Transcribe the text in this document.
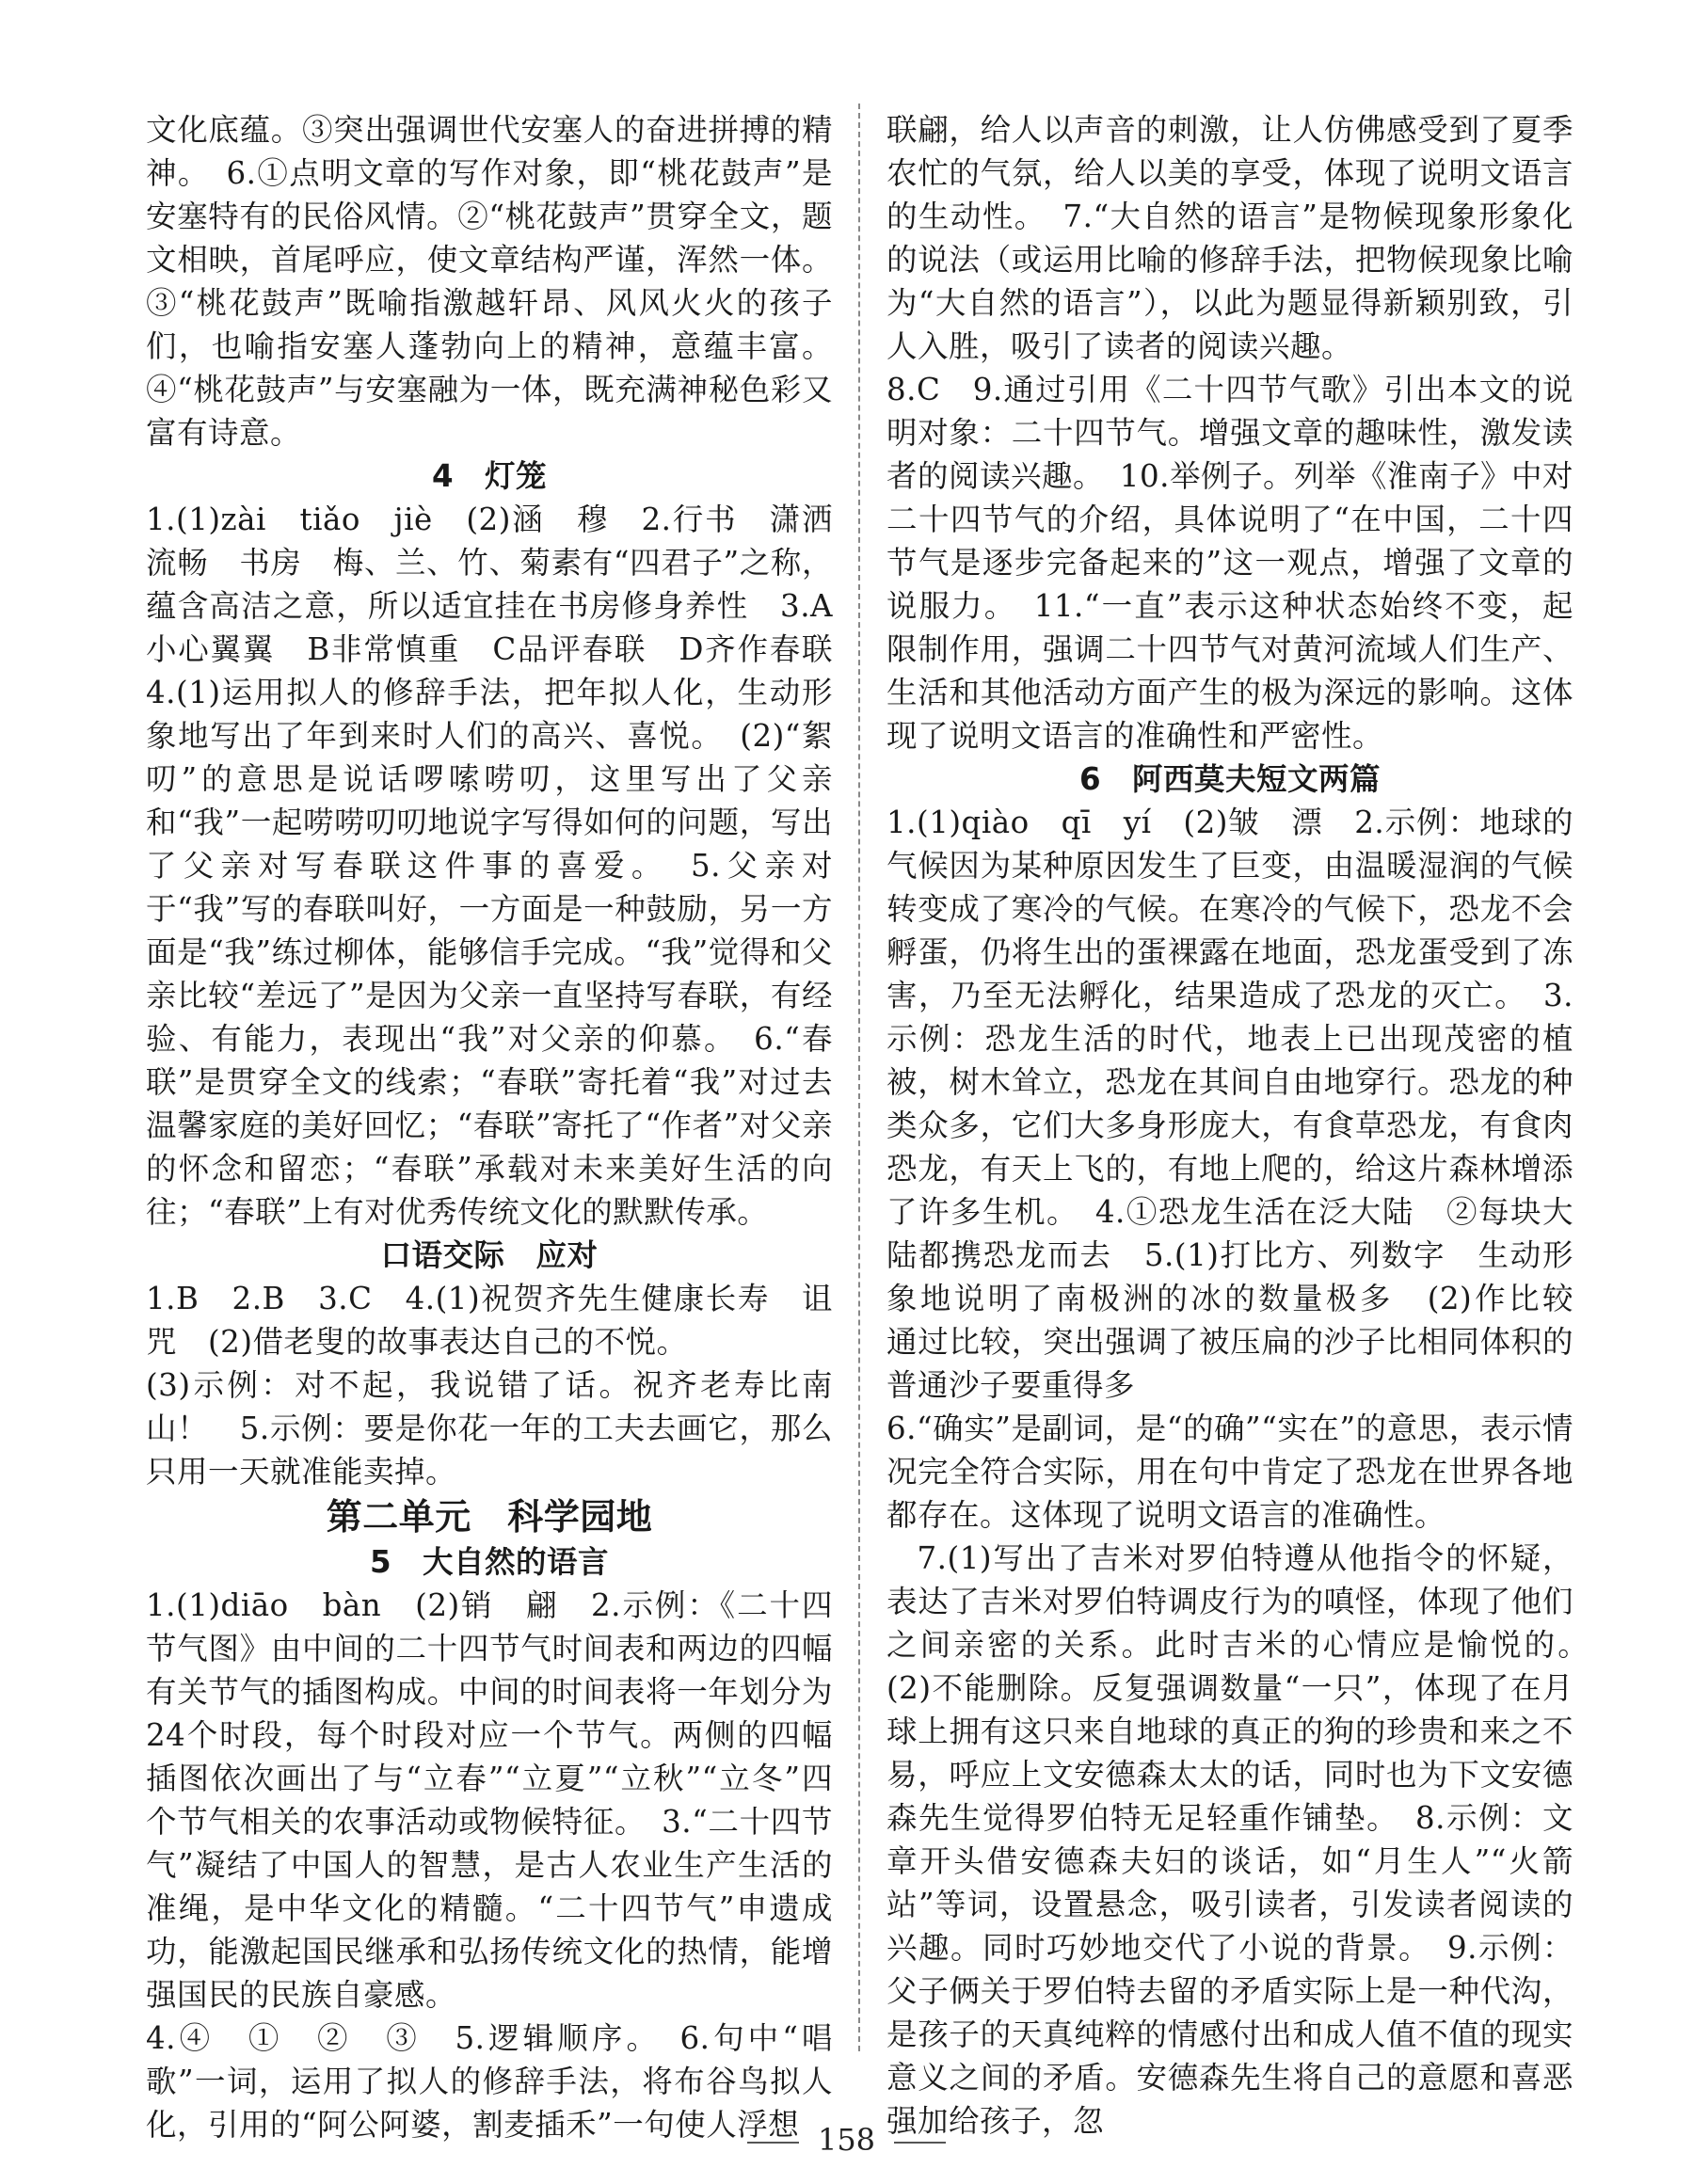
文化底蕴。③突出强调世代安塞人的奋进拼搏的精神。　6.①点明文章的写作对象，即“桃花鼓声”是安塞特有的民俗风情。②“桃花鼓声”贯穿全文，题文相映，首尾呼应，使文章结构严谨，浑然一体。③“桃花鼓声”既喻指激越轩昂、风风火火的孩子们，也喻指安塞人蓬勃向上的精神，意蕴丰富。④“桃花鼓声”与安塞融为一体，既充满神秘色彩又富有诗意。

4　灯笼

1.(1)zài　tiǎo　jiè　(2)涵　穆　2.行书　潇洒流畅　书房　梅、兰、竹、菊素有“四君子”之称，蕴含高洁之意，所以适宜挂在书房修身养性　3.A小心翼翼　B非常慎重　C品评春联　D齐作春联　4.(1)运用拟人的修辞手法，把年拟人化，生动形象地写出了年到来时人们的高兴、喜悦。　(2)“絮叨”的意思是说话啰嗦唠叨，这里写出了父亲和“我”一起唠唠叨叨地说字写得如何的问题，写出了父亲对写春联这件事的喜爱。　5.父亲对于“我”写的春联叫好，一方面是一种鼓励，另一方面是“我”练过柳体，能够信手完成。“我”觉得和父亲比较“差远了”是因为父亲一直坚持写春联，有经验、有能力，表现出“我”对父亲的仰慕。　6.“春联”是贯穿全文的线索；“春联”寄托着“我”对过去温馨家庭的美好回忆；“春联”寄托了“作者”对父亲的怀念和留恋；“春联”承载对未来美好生活的向往；“春联”上有对优秀传统文化的默默传承。

口语交际　应对

1.B　2.B　3.C　4.(1)祝贺齐先生健康长寿　诅咒　(2)借老叟的故事表达自己的不悦。

(3)示例：对不起，我说错了话。祝齐老寿比南山！　5.示例：要是你花一年的工夫去画它，那么只用一天就准能卖掉。

第二单元　科学园地
5　大自然的语言

1.(1)diāo　bàn　(2)销　翩　2.示例：《二十四节气图》由中间的二十四节气时间表和两边的四幅有关节气的插图构成。中间的时间表将一年划分为24个时段，每个时段对应一个节气。两侧的四幅插图依次画出了与“立春”“立夏”“立秋”“立冬”四个节气相关的农事活动或物候特征。　3.“二十四节气”凝结了中国人的智慧，是古人农业生产生活的准绳，是中华文化的精髓。“二十四节气”申遗成功，能激起国民继承和弘扬传统文化的热情，能增强国民的民族自豪感。

4.④　①　②　③　5.逻辑顺序。　6.句中“唱歌”一词，运用了拟人的修辞手法，将布谷鸟拟人化，引用的“阿公阿婆，割麦插禾”一句使人浮想

联翩，给人以声音的刺激，让人仿佛感受到了夏季农忙的气氛，给人以美的享受，体现了说明文语言的生动性。　7.“大自然的语言”是物候现象形象化的说法（或运用比喻的修辞手法，把物候现象比喻为“大自然的语言”），以此为题显得新颖别致，引人入胜，吸引了读者的阅读兴趣。

8.C　9.通过引用《二十四节气歌》引出本文的说明对象：二十四节气。增强文章的趣味性，激发读者的阅读兴趣。　10.举例子。列举《淮南子》中对二十四节气的介绍，具体说明了“在中国，二十四节气是逐步完备起来的”这一观点，增强了文章的说服力。　11.“一直”表示这种状态始终不变，起限制作用，强调二十四节气对黄河流域人们生产、生活和其他活动方面产生的极为深远的影响。这体现了说明文语言的准确性和严密性。

6　阿西莫夫短文两篇

1.(1)qiào　qī　yí　(2)皱　漂　2.示例：地球的气候因为某种原因发生了巨变，由温暖湿润的气候转变成了寒冷的气候。在寒冷的气候下，恐龙不会孵蛋，仍将生出的蛋裸露在地面，恐龙蛋受到了冻害，乃至无法孵化，结果造成了恐龙的灭亡。　3.示例：恐龙生活的时代，地表上已出现茂密的植被，树木耸立，恐龙在其间自由地穿行。恐龙的种类众多，它们大多身形庞大，有食草恐龙，有食肉恐龙，有天上飞的，有地上爬的，给这片森林增添了许多生机。　4.①恐龙生活在泛大陆　②每块大陆都携恐龙而去　5.(1)打比方、列数字　生动形象地说明了南极洲的冰的数量极多　(2)作比较　通过比较，突出强调了被压扁的沙子比相同体积的普通沙子要重得多

6.“确实”是副词，是“的确”“实在”的意思，表示情况完全符合实际，用在句中肯定了恐龙在世界各地都存在。这体现了说明文语言的准确性。

7.(1)写出了吉米对罗伯特遵从他指令的怀疑，表达了吉米对罗伯特调皮行为的嗔怪，体现了他们之间亲密的关系。此时吉米的心情应是愉悦的。　(2)不能删除。反复强调数量“一只”，体现了在月球上拥有这只来自地球的真正的狗的珍贵和来之不易，呼应上文安德森太太的话，同时也为下文安德森先生觉得罗伯特无足轻重作铺垫。　8.示例：文章开头借安德森夫妇的谈话，如“月生人”“火箭站”等词，设置悬念，吸引读者，引发读者阅读的兴趣。同时巧妙地交代了小说的背景。　9.示例：父子俩关于罗伯特去留的矛盾实际上是一种代沟，是孩子的天真纯粹的情感付出和成人值不值的现实意义之间的矛盾。安德森先生将自己的意愿和喜恶强加给孩子，忽

158
